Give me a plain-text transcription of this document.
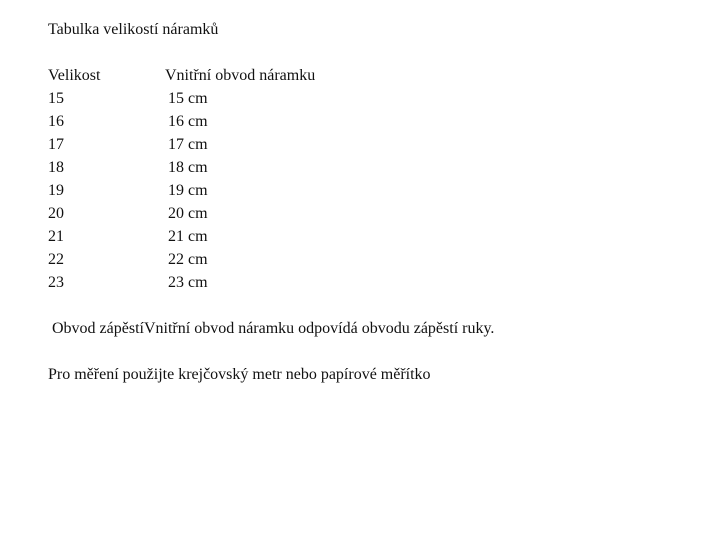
Tabulka velikostí náramků
Velikost	Vnitřní obvod náramku
15	15 cm
16	16 cm
17	17 cm
18	18 cm
19	19 cm
20	20 cm
21	21 cm
22	22 cm
23	23 cm
Obvod zápěstíVnitřní obvod náramku odpovídá obvodu zápěstí ruky.
Pro měření použijte krejčovský metr nebo papírové měřítko
